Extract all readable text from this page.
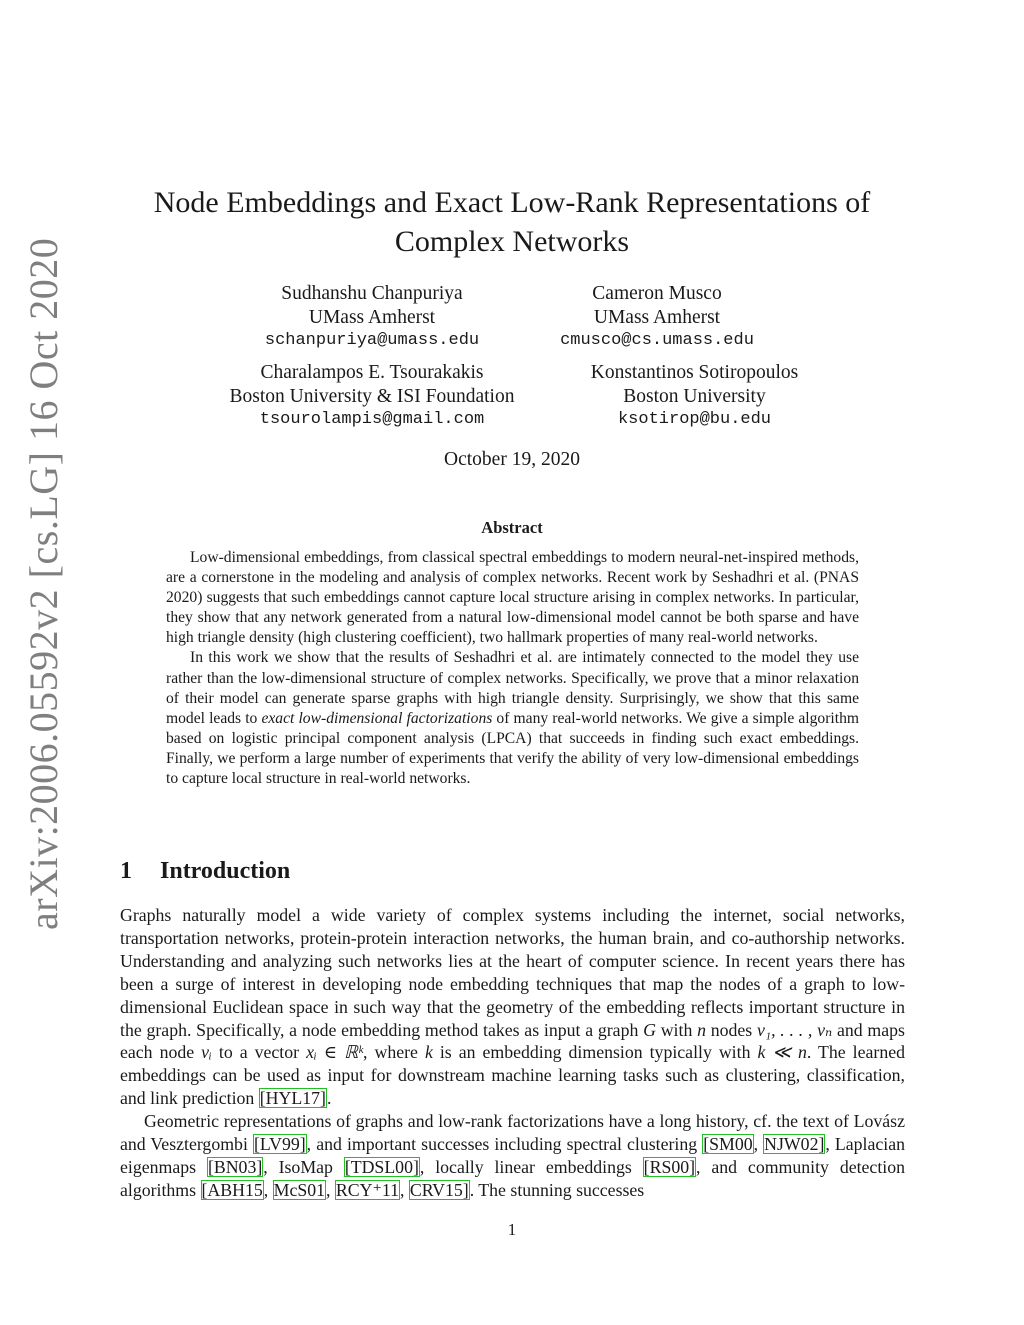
arXiv:2006.05592v2 [cs.LG] 16 Oct 2020
Node Embeddings and Exact Low-Rank Representations of
Complex Networks
Sudhanshu Chanpuriya
UMass Amherst
schanpuriya@umass.edu
Cameron Musco
UMass Amherst
cmusco@cs.umass.edu
Charalampos E. Tsourakakis
Boston University & ISI Foundation
tsourolampis@gmail.com
Konstantinos Sotiropoulos
Boston University
ksotirop@bu.edu
October 19, 2020
Abstract

Low-dimensional embeddings, from classical spectral embeddings to modern neural-net-inspired methods, are a cornerstone in the modeling and analysis of complex networks. Recent work by Seshadhri et al. (PNAS 2020) suggests that such embeddings cannot capture local structure arising in complex networks. In particular, they show that any network generated from a natural low-dimensional model cannot be both sparse and have high triangle density (high clustering coefficient), two hallmark properties of many real-world networks.

In this work we show that the results of Seshadhri et al. are intimately connected to the model they use rather than the low-dimensional structure of complex networks. Specifically, we prove that a minor relaxation of their model can generate sparse graphs with high triangle density. Surprisingly, we show that this same model leads to exact low-dimensional factorizations of many real-world networks. We give a simple algorithm based on logistic principal component analysis (LPCA) that succeeds in finding such exact embeddings. Finally, we perform a large number of experiments that verify the ability of very low-dimensional embeddings to capture local structure in real-world networks.

1 Introduction

Graphs naturally model a wide variety of complex systems including the internet, social networks, transportation networks, protein-protein interaction networks, the human brain, and co-authorship networks. Understanding and analyzing such networks lies at the heart of computer science. In recent years there has been a surge of interest in developing node embedding techniques that map the nodes of a graph to low-dimensional Euclidean space in such way that the geometry of the embedding reflects important structure in the graph. Specifically, a node embedding method takes as input a graph G with n nodes v₁, . . . , vₙ and maps each node vᵢ to a vector xᵢ ∈ ℝᵏ, where k is an embedding dimension typically with k ≪ n. The learned embeddings can be used as input for downstream machine learning tasks such as clustering, classification, and link prediction [HYL17].

Geometric representations of graphs and low-rank factorizations have a long history, cf. the text of Lovász and Vesztergombi [LV99], and important successes including spectral clustering [SM00, NJW02], Laplacian eigenmaps [BN03], IsoMap [TDSL00], locally linear embeddings [RS00], and community detection algorithms [ABH15, McS01, RCY⁺11, CRV15]. The stunning successes

1
